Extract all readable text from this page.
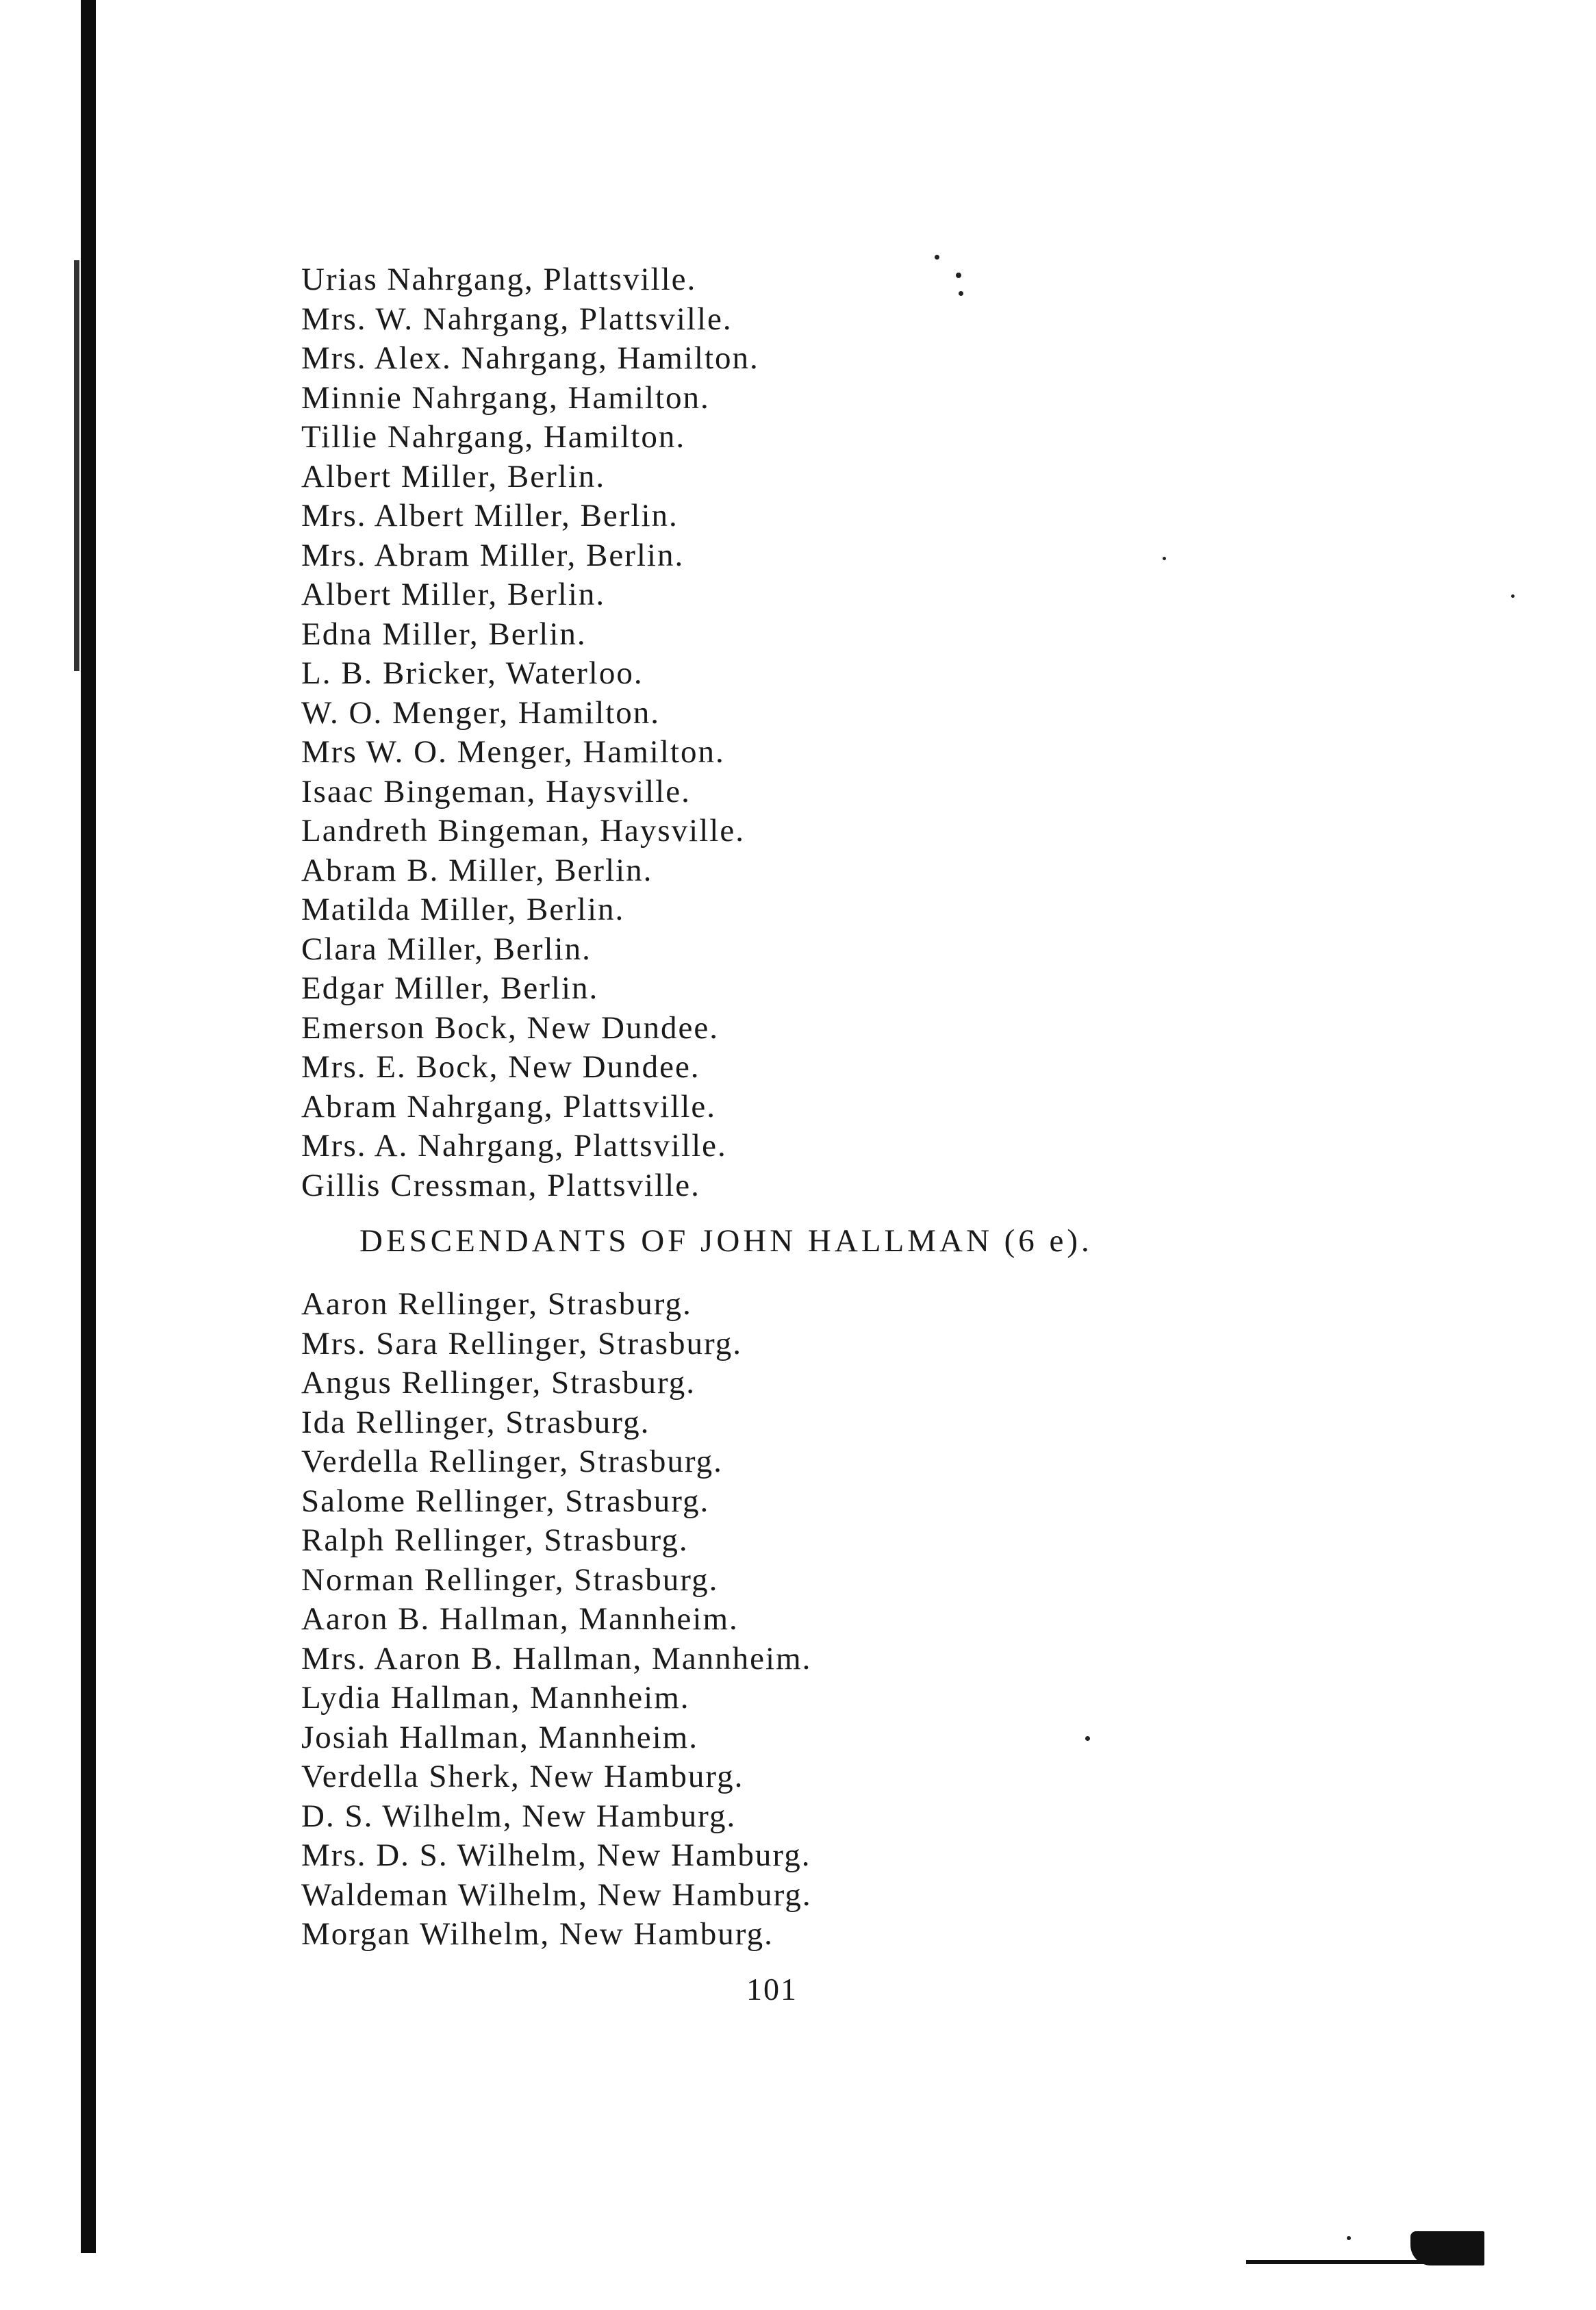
Urias Nahrgang, Plattsville.
Mrs. W. Nahrgang, Plattsville.
Mrs. Alex. Nahrgang, Hamilton.
Minnie Nahrgang, Hamilton.
Tillie Nahrgang, Hamilton.
Albert Miller, Berlin.
Mrs. Albert Miller, Berlin.
Mrs. Abram Miller, Berlin.
Albert Miller, Berlin.
Edna Miller, Berlin.
L. B. Bricker, Waterloo.
W. O. Menger, Hamilton.
Mrs W. O. Menger, Hamilton.
Isaac Bingeman, Haysville.
Landreth Bingeman, Haysville.
Abram B. Miller, Berlin.
Matilda Miller, Berlin.
Clara Miller, Berlin.
Edgar Miller, Berlin.
Emerson Bock, New Dundee.
Mrs. E. Bock, New Dundee.
Abram Nahrgang, Plattsville.
Mrs. A. Nahrgang, Plattsville.
Gillis Cressman, Plattsville.
DESCENDANTS OF JOHN HALLMAN (6 e).
Aaron Rellinger, Strasburg.
Mrs. Sara Rellinger, Strasburg.
Angus Rellinger, Strasburg.
Ida Rellinger, Strasburg.
Verdella Rellinger, Strasburg.
Salome Rellinger, Strasburg.
Ralph Rellinger, Strasburg.
Norman Rellinger, Strasburg.
Aaron B. Hallman, Mannheim.
Mrs. Aaron B. Hallman, Mannheim.
Lydia Hallman, Mannheim.
Josiah Hallman, Mannheim.
Verdella Sherk, New Hamburg.
D. S. Wilhelm, New Hamburg.
Mrs. D. S. Wilhelm, New Hamburg.
Waldeman Wilhelm, New Hamburg.
Morgan Wilhelm, New Hamburg.
101
